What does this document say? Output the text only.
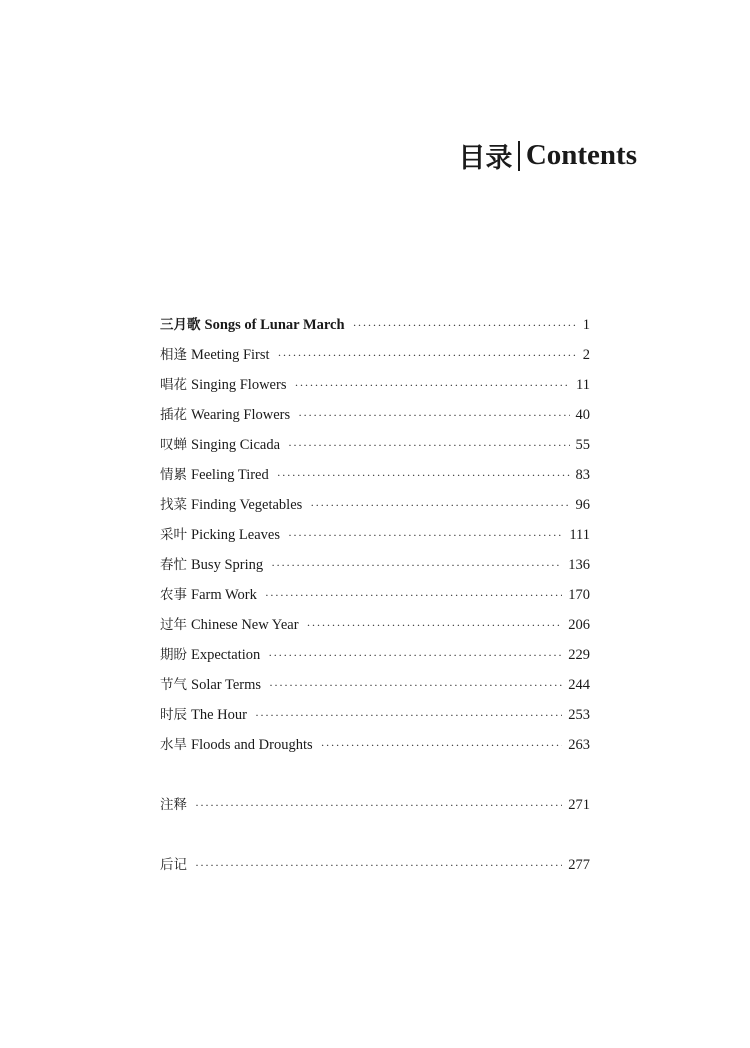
目录 Contents
三月歌 Songs of Lunar March ·····	1
相逢 Meeting First ·····	2
唱花 Singing Flowers ·····	11
插花 Wearing Flowers ·····	40
叹蝉 Singing Cicada ·····	55
情累 Feeling Tired ·····	83
找菜 Finding Vegetables ·····	96
采叶 Picking Leaves ·····	111
春忙 Busy Spring ·····	136
农事 Farm Work ·····	170
过年 Chinese New Year ·····	206
期盼 Expectation ·····	229
节气 Solar Terms ·····	244
时辰 The Hour ·····	253
水旱 Floods and Droughts ·····	263
注释 ·····	271
后记 ·····	277
